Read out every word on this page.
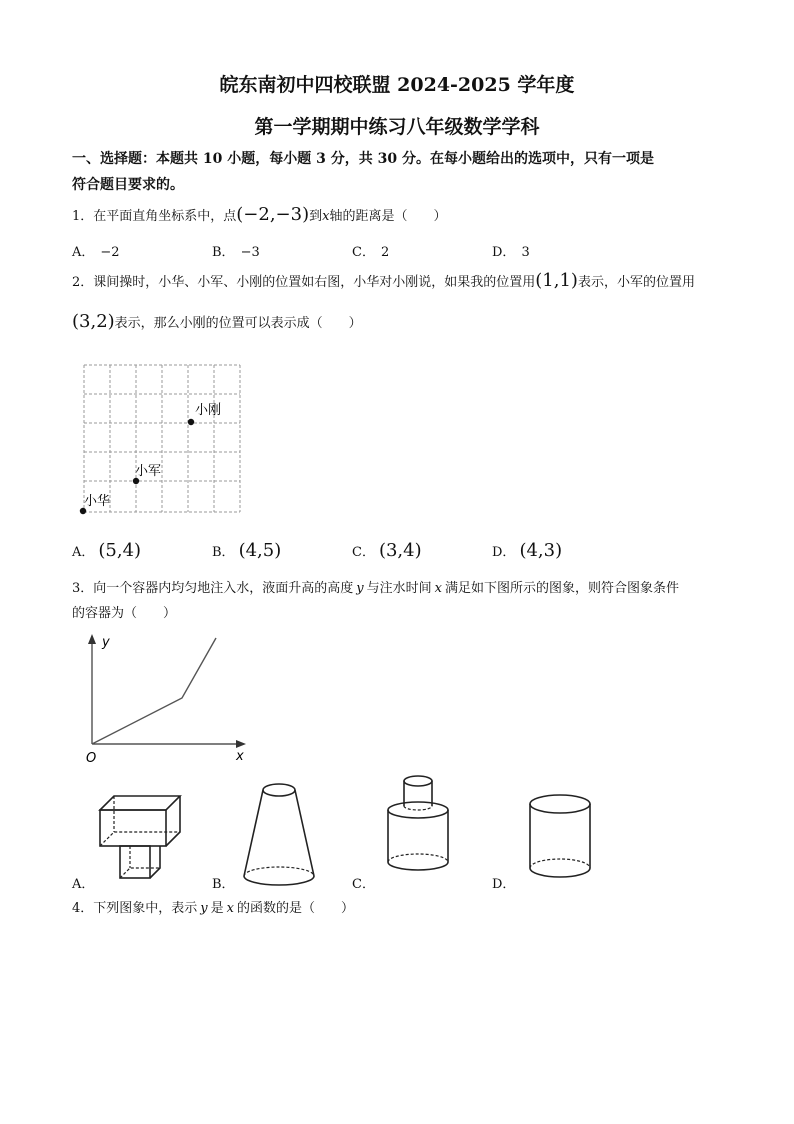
皖东南初中四校联盟 2024-2025 学年度
第一学期期中练习八年级数学学科
一、选择题：本题共 10 小题，每小题 3 分，共 30 分。在每小题给出的选项中，只有一项是
符合题目要求的。
1．在平面直角坐标系中，点(−2,−3)到x轴的距离是（　　）
A． −2	B． −3	C． 2	D． 3
2．课间操时，小华、小军、小刚的位置如右图，小华对小刚说，如果我的位置用(1,1)表示，小军的位置用
(3,2)表示，那么小刚的位置可以表示成（　　）
小刚
小军
小华
A． (5,4)	B． (4,5)	C． (3,4)	D． (4,3)
3．向一个容器内均匀地注入水，液面升高的高度 y 与注水时间 x 满足如下图所示的图象，则符合图象条件
的容器为（　　）
y
x
O
A．	B．	C．	D．
4．下列图象中，表示 y 是 x 的函数的是（　　）
